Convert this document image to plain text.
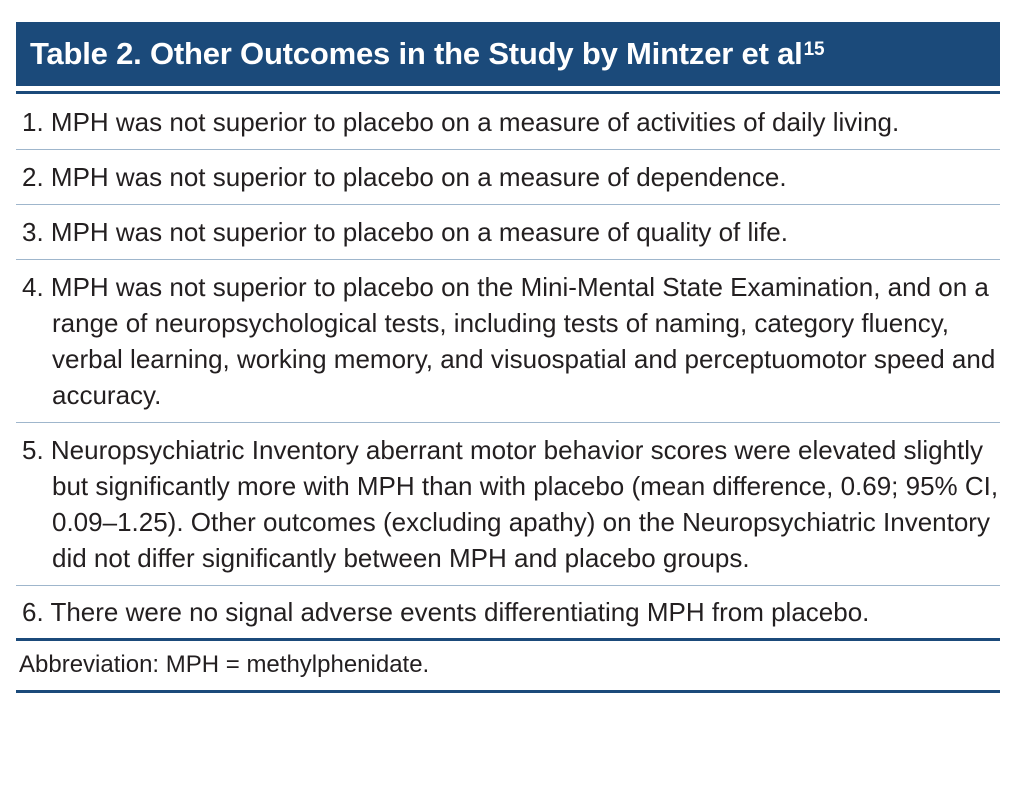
Table 2. Other Outcomes in the Study by Mintzer et $al^{15}$
1. MPH was not superior to placebo on a measure of activities of daily living.
2. MPH was not superior to placebo on a measure of dependence.
3. MPH was not superior to placebo on a measure of quality of life.
4. MPH was not superior to placebo on the Mini-Mental State Examination, and on a range of neuropsychological tests, including tests of naming, category fluency, verbal learning, working memory, and visuospatial and perceptuomotor speed and accuracy.
5. Neuropsychiatric Inventory aberrant motor behavior scores were elevated slightly but significantly more with MPH than with placebo (mean difference, 0.69; 95% CI, 0.09–1.25). Other outcomes (excluding apathy) on the Neuropsychiatric Inventory did not differ significantly between MPH and placebo groups.
6. There were no signal adverse events differentiating MPH from placebo.
Abbreviation: MPH = methylphenidate.
